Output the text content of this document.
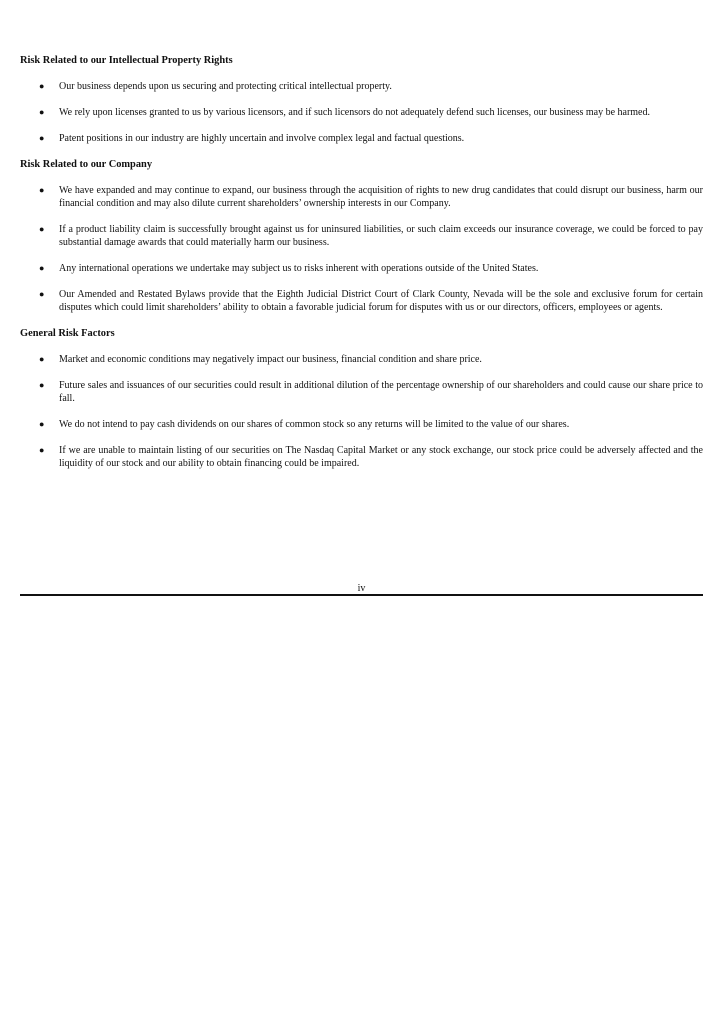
Risk Related to our Intellectual Property Rights

● Our business depends upon us securing and protecting critical intellectual property.
● We rely upon licenses granted to us by various licensors, and if such licensors do not adequately defend such licenses, our business may be harmed.
● Patent positions in our industry are highly uncertain and involve complex legal and factual questions.

Risk Related to our Company

● We have expanded and may continue to expand, our business through the acquisition of rights to new drug candidates that could disrupt our business, harm our financial condition and may also dilute current shareholders’ ownership interests in our Company.
● If a product liability claim is successfully brought against us for uninsured liabilities, or such claim exceeds our insurance coverage, we could be forced to pay substantial damage awards that could materially harm our business.
● Any international operations we undertake may subject us to risks inherent with operations outside of the United States.
● Our Amended and Restated Bylaws provide that the Eighth Judicial District Court of Clark County, Nevada will be the sole and exclusive forum for certain disputes which could limit shareholders’ ability to obtain a favorable judicial forum for disputes with us or our directors, officers, employees or agents.

General Risk Factors

● Market and economic conditions may negatively impact our business, financial condition and share price.
● Future sales and issuances of our securities could result in additional dilution of the percentage ownership of our shareholders and could cause our share price to fall.
● We do not intend to pay cash dividends on our shares of common stock so any returns will be limited to the value of our shares.
● If we are unable to maintain listing of our securities on The Nasdaq Capital Market or any stock exchange, our stock price could be adversely affected and the liquidity of our stock and our ability to obtain financing could be impaired.
iv
